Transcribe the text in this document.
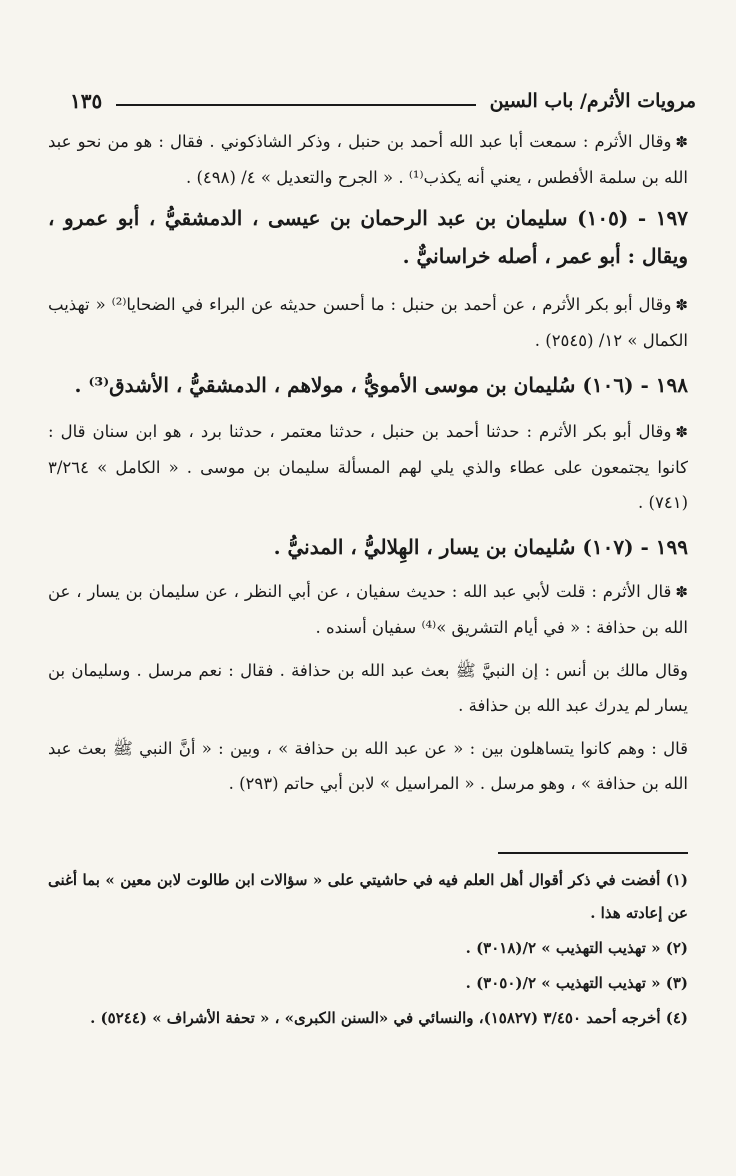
مرويات الأثرم/ باب السين
١٣٥

✽وقال الأثرم : سمعت أبا عبد الله أحمد بن حنبل ، وذكر الشاذكوني . فقال : هو من نحو عبد الله بن سلمة الأفطس ، يعني أنه يكذب⁽¹⁾ . « الجرح والتعديل » ٤/ (٤٩٨) .

١٩٧ - (١٠٥) سليمان بن عبد الرحمان بن عيسى ، الدمشقيُّ ، أبو عمرو ، ويقال : أبو عمر ، أصله خراسانيٌّ .

✽وقال أبو بكر الأثرم ، عن أحمد بن حنبل : ما أحسن حديثه عن البراء في الضحايا⁽²⁾ « تهذيب الكمال » ١٢/ (٢٥٤٥) .

١٩٨ - (١٠٦) سُليمان بن موسى الأمويُّ ، مولاهم ، الدمشقيُّ ، الأشدق⁽³⁾ .

✽وقال أبو بكر الأثرم : حدثنا أحمد بن حنبل ، حدثنا معتمر ، حدثنا برد ، هو ابن سنان قال : كانوا يجتمعون على عطاء والذي يلي لهم المسألة سليمان بن موسى . « الكامل » ٣/٢٦٤ (٧٤١) .

١٩٩ - (١٠٧) سُليمان بن يسار ، الهِلاليُّ ، المدنيُّ .

✽قال الأثرم : قلت لأبي عبد الله : حديث سفيان ، عن أبي النظر ، عن سليمان بن يسار ، عن الله بن حذافة : « في أيام التشريق »⁽⁴⁾ سفيان أسنده .

وقال مالك بن أنس : إن النبيَّ ﷺ بعث عبد الله بن حذافة . فقال : نعم مرسل . وسليمان بن يسار لم يدرك عبد الله بن حذافة .

قال : وهم كانوا يتساهلون بين : « عن عبد الله بن حذافة » ، وبين : « أنَّ النبي ﷺ بعث عبد الله بن حذافة » ، وهو مرسل . « المراسيل » لابن أبي حاتم (٢٩٣) .

(١) أفضت في ذكر أقوال أهل العلم فيه في حاشيتي على « سؤالات ابن طالوت لابن معين » بما أغنى عن إعادته هذا .

(٢) « تهذيب التهذيب » ٢/(٣٠١٨) .

(٣) « تهذيب التهذيب » ٢/(٣٠٥٠) .

(٤) أخرجه أحمد ٣/٤٥٠ (١٥٨٢٧)، والنسائي في «السنن الكبرى» ، « تحفة الأشراف » (٥٢٤٤) .
